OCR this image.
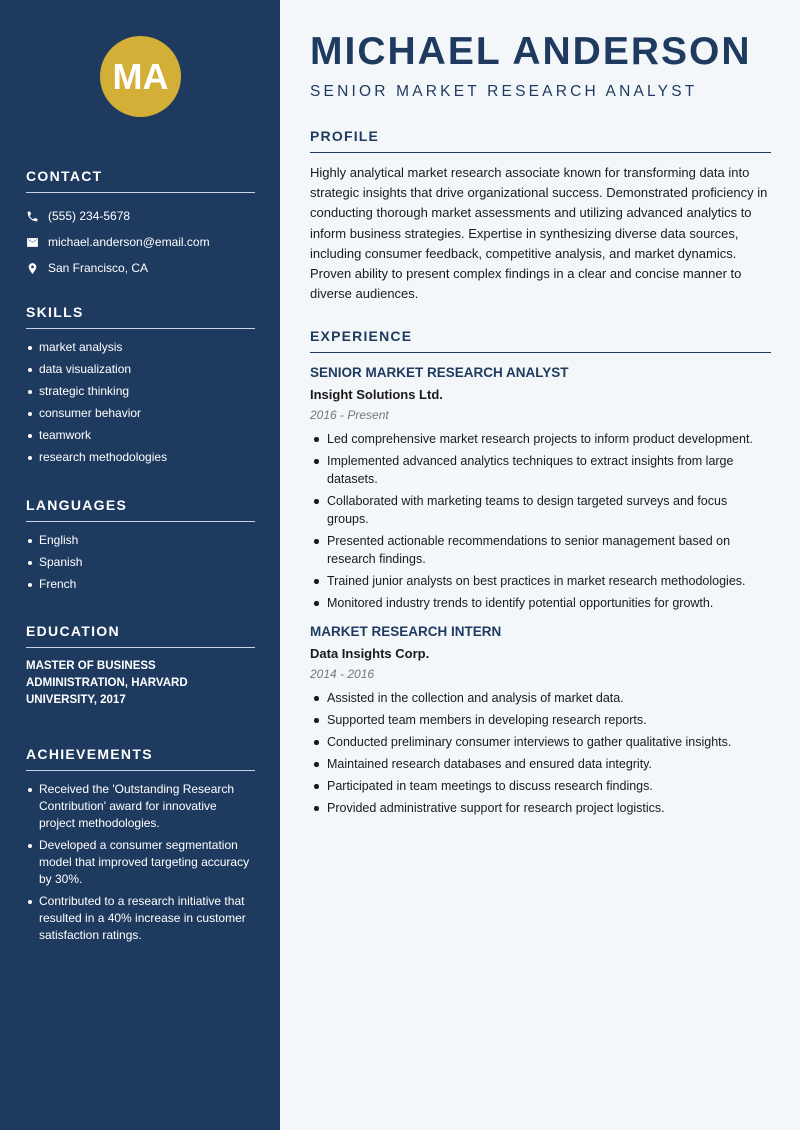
MA
CONTACT
(555) 234-5678
michael.anderson@email.com
San Francisco, CA
SKILLS
market analysis
data visualization
strategic thinking
consumer behavior
teamwork
research methodologies
LANGUAGES
English
Spanish
French
EDUCATION
MASTER OF BUSINESS ADMINISTRATION, HARVARD UNIVERSITY, 2017
ACHIEVEMENTS
Received the 'Outstanding Research Contribution' award for innovative project methodologies.
Developed a consumer segmentation model that improved targeting accuracy by 30%.
Contributed to a research initiative that resulted in a 40% increase in customer satisfaction ratings.
MICHAEL ANDERSON
SENIOR MARKET RESEARCH ANALYST
PROFILE
Highly analytical market research associate known for transforming data into strategic insights that drive organizational success. Demonstrated proficiency in conducting thorough market assessments and utilizing advanced analytics to inform business strategies. Expertise in synthesizing diverse data sources, including consumer feedback, competitive analysis, and market dynamics. Proven ability to present complex findings in a clear and concise manner to diverse audiences.
EXPERIENCE
SENIOR MARKET RESEARCH ANALYST
Insight Solutions Ltd.
2016 - Present
Led comprehensive market research projects to inform product development.
Implemented advanced analytics techniques to extract insights from large datasets.
Collaborated with marketing teams to design targeted surveys and focus groups.
Presented actionable recommendations to senior management based on research findings.
Trained junior analysts on best practices in market research methodologies.
Monitored industry trends to identify potential opportunities for growth.
MARKET RESEARCH INTERN
Data Insights Corp.
2014 - 2016
Assisted in the collection and analysis of market data.
Supported team members in developing research reports.
Conducted preliminary consumer interviews to gather qualitative insights.
Maintained research databases and ensured data integrity.
Participated in team meetings to discuss research findings.
Provided administrative support for research project logistics.
